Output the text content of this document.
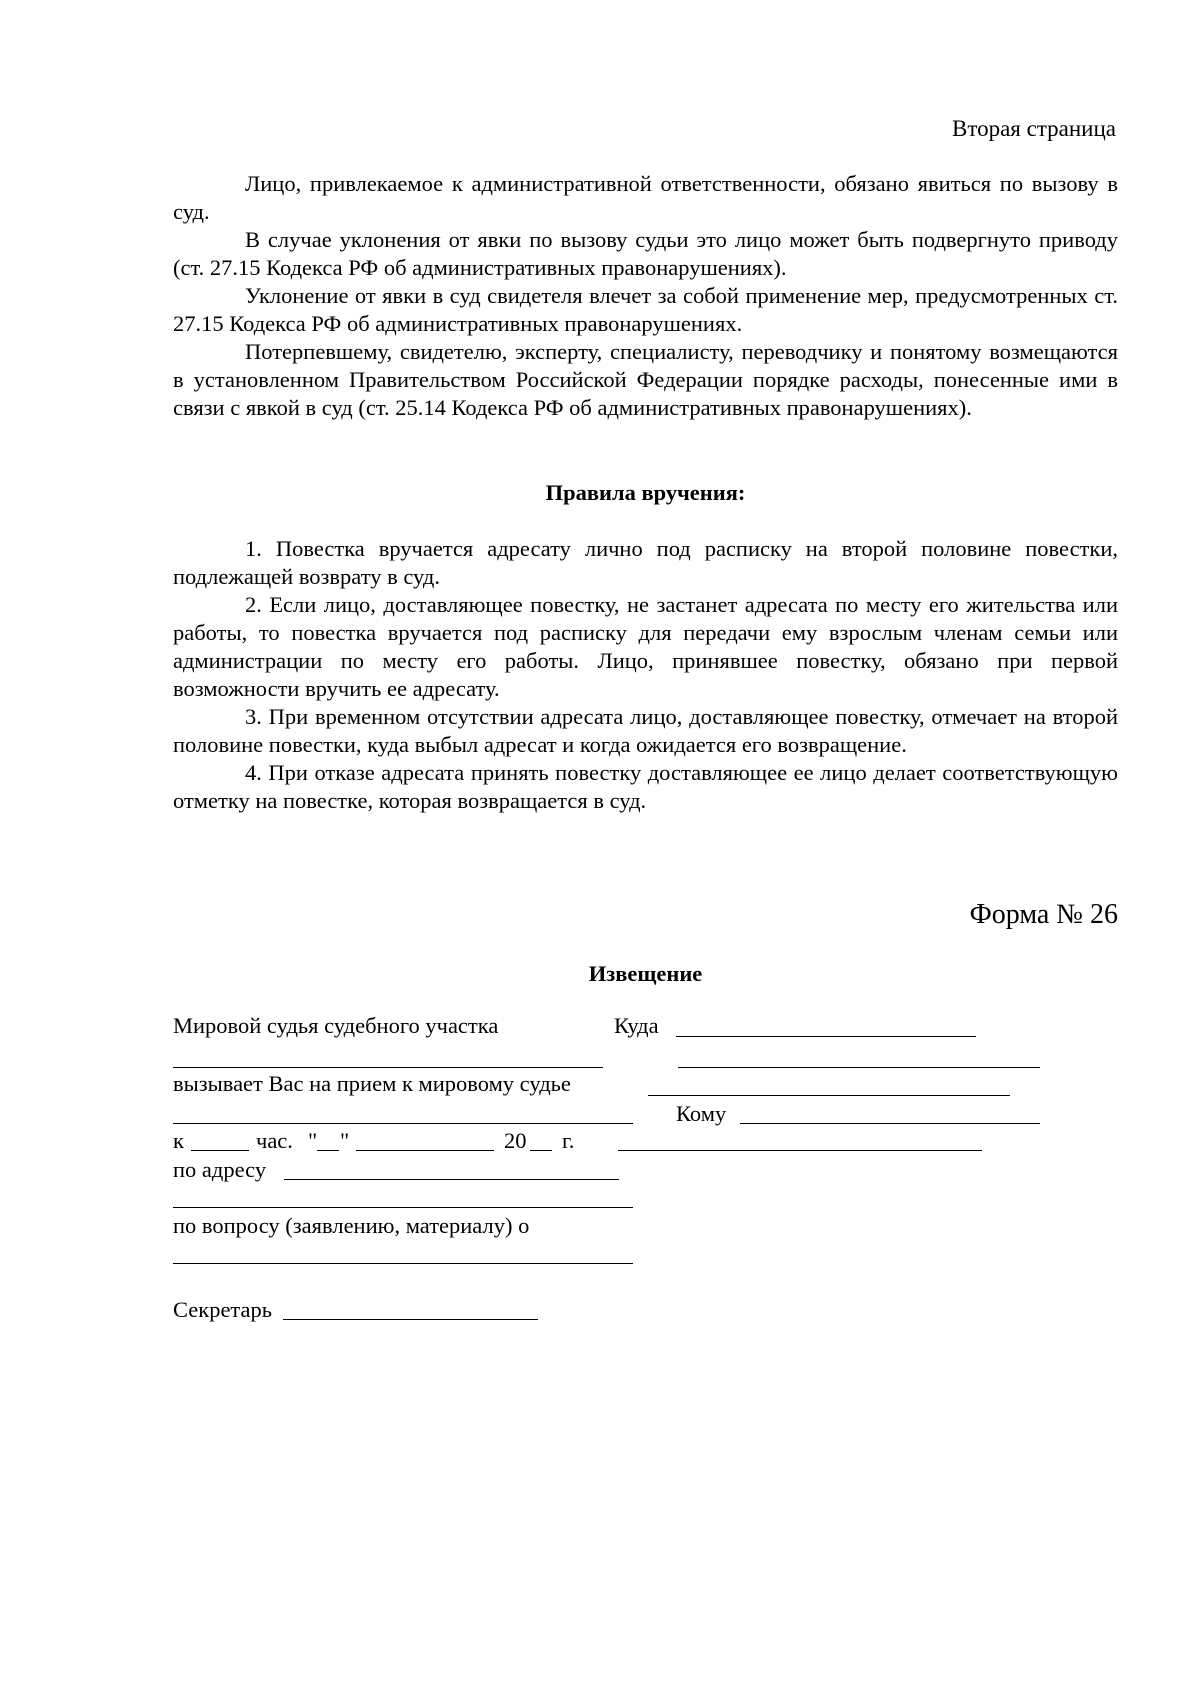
Вторая страница

Лицо, привлекаемое к административной ответственности, обязано явиться по вызову в суд.

В случае уклонения от явки по вызову судьи это лицо может быть подвергнуто приводу (ст. 27.15 Кодекса РФ об административных правонарушениях).

Уклонение от явки в суд свидетеля влечет за собой применение мер, предусмотренных ст. 27.15 Кодекса РФ об административных правонарушениях.

Потерпевшему, свидетелю, эксперту, специалисту, переводчику и понятому возмещаются в установленном Правительством Российской Федерации порядке расходы, понесенные ими в связи с явкой в суд (ст. 25.14 Кодекса РФ об административных правонарушениях).

Правила вручения:

1. Повестка вручается адресату лично под расписку на второй половине повестки, подлежащей возврату в суд.

2. Если лицо, доставляющее повестку, не застанет адресата по месту его жительства или работы, то повестка вручается под расписку для передачи ему взрослым членам семьи или администрации по месту его работы. Лицо, принявшее повестку, обязано при первой возможности вручить ее адресату.

3. При временном отсутствии адресата лицо, доставляющее повестку, отмечает на второй половине повестки, куда выбыл адресат и когда ожидается его возвращение.

4. При отказе адресата принять повестку доставляющее ее лицо делает соответствующую отметку на повестке, которая возвращается в суд.

Форма № 26
Извещение
Мировой судья судебного участка
вызывает Вас на прием к мировому судье
к	час. " "	20 г.
по адресу
по вопросу (заявлению, материалу) о
Секретарь
Куда
Кому
